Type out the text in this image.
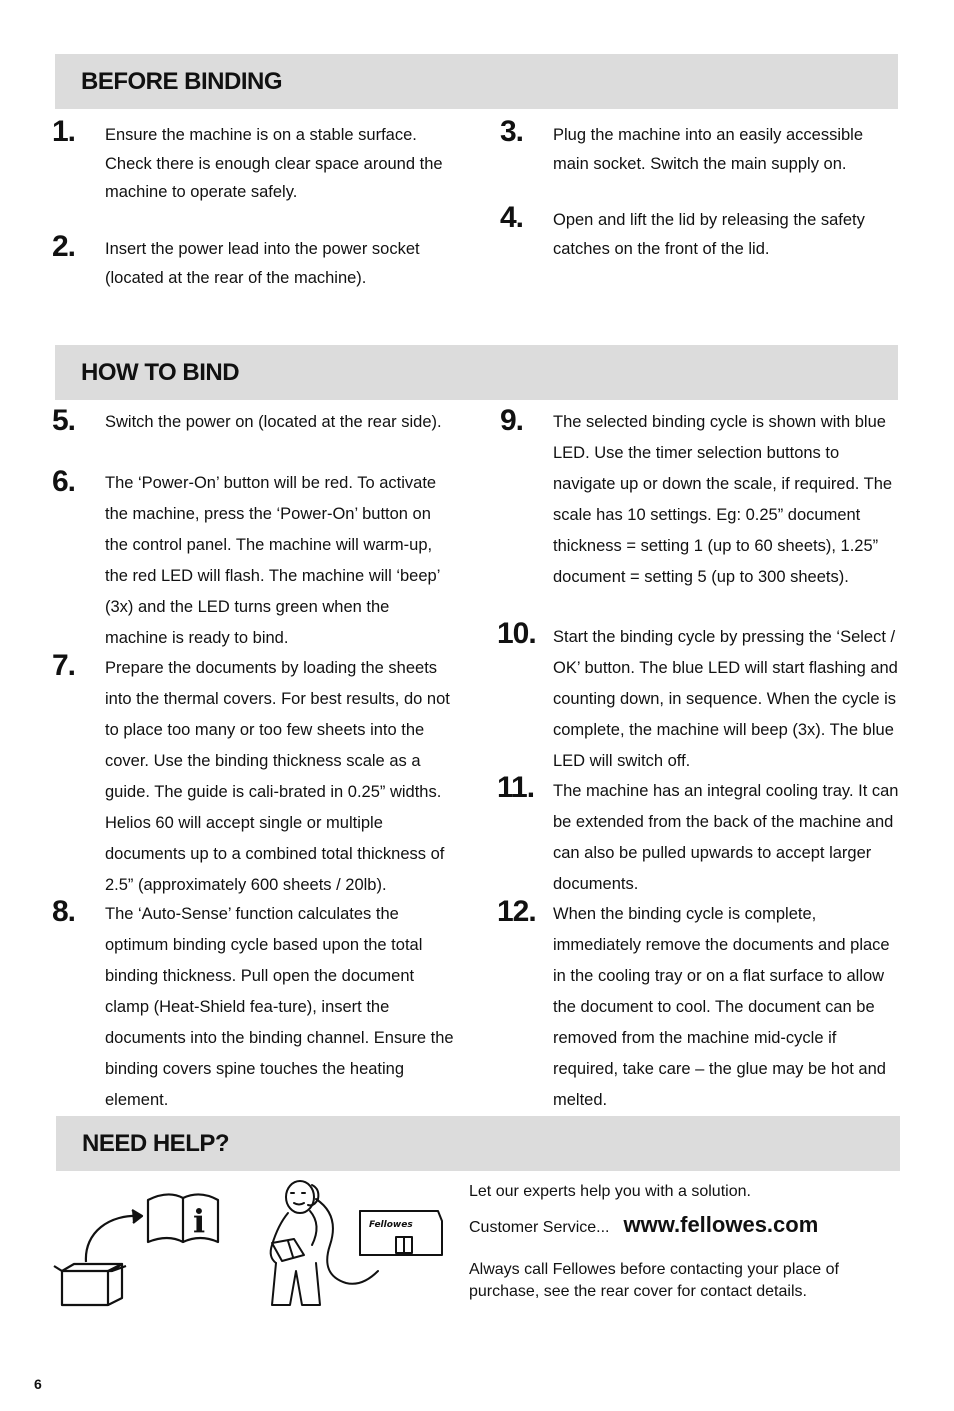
BEFORE BINDING
1. Ensure the machine is on a stable surface. Check there is enough clear space around the machine to operate safely.
2. Insert the power lead into the power socket (located at the rear of the machine).
3. Plug the machine into an easily accessible main socket. Switch the main supply on.
4. Open and lift the lid by releasing the safety catches on the front of the lid.
HOW TO BIND
5. Switch the power on (located at the rear side).
6. The ‘Power-On’ button will be red. To activate the machine, press the ‘Power-On’ button on the control panel. The machine will warm-up, the red LED will flash. The machine will ‘beep’ (3x) and the LED turns green when the machine is ready to bind.
7. Prepare the documents by loading the sheets into the thermal covers. For best results, do not to place too many or too few sheets into the cover. Use the binding thickness scale as a guide. The guide is cali-brated in 0.25” widths. Helios 60 will accept single or multiple documents up to a combined total thickness of 2.5” (approximately 600 sheets / 20lb).
8. The ‘Auto-Sense’ function calculates the optimum binding cycle based upon the total binding thickness. Pull open the document clamp (Heat-Shield fea-ture), insert the documents into the binding channel. Ensure the binding covers spine touches the heating element.
9. The selected binding cycle is shown with blue LED. Use the timer selection buttons to navigate up or down the scale, if required. The scale has 10 settings. Eg: 0.25” document thickness = setting 1 (up to 60 sheets), 1.25” document = setting 5 (up to 300 sheets).
10. Start the binding cycle by pressing the ‘Select / OK’ button. The blue LED will start flashing and counting down, in sequence. When the cycle is complete, the machine will beep (3x). The blue LED will switch off.
11. The machine has an integral cooling tray. It can be extended from the back of the machine and can also be pulled upwards to accept larger documents.
12. When the binding cycle is complete, immediately remove the documents and place in the cooling tray or on a flat surface to allow the document to cool. The document can be removed from the machine mid-cycle if required, take care – the glue may be hot and melted.
NEED HELP?
i	Fellowes
Let our experts help you with a solution.
Customer Service... www.fellowes.com
Always call Fellowes before contacting your place of purchase, see the rear cover for contact details.
6
